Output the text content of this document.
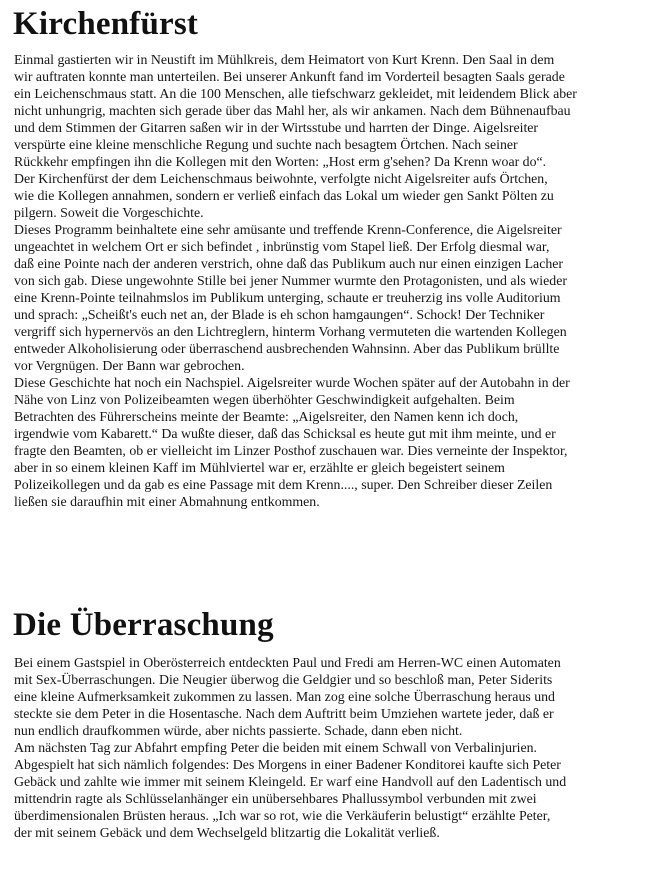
Kirchenfürst
Einmal gastierten wir in Neustift im Mühlkreis, dem Heimatort von Kurt Krenn. Den Saal in dem
wir auftraten konnte man unterteilen. Bei unserer Ankunft fand im Vorderteil besagten Saals gerade
ein Leichenschmaus statt. An die 100 Menschen, alle tiefschwarz gekleidet, mit leidendem Blick aber
nicht unhungrig, machten sich gerade über das Mahl her, als wir ankamen. Nach dem Bühnenaufbau
und dem Stimmen der Gitarren saßen wir in der Wirtsstube und harrten der Dinge. Aigelsreiter
verspürte eine kleine menschliche Regung und suchte nach besagtem Örtchen. Nach seiner
Rückkehr empfingen ihn die Kollegen mit den Worten: „Host erm g'sehen? Da Krenn woar do“.
Der Kirchenfürst der dem Leichenschmaus beiwohnte, verfolgte nicht Aigelsreiter aufs Örtchen,
wie die Kollegen annahmen, sondern er verließ einfach das Lokal um wieder gen Sankt Pölten zu
pilgern. Soweit die Vorgeschichte.
Dieses Programm beinhaltete eine sehr amüsante und treffende Krenn-Conference, die Aigelsreiter
ungeachtet in welchem Ort er sich befindet , inbrünstig vom Stapel ließ. Der Erfolg diesmal war,
daß eine Pointe nach der anderen verstrich, ohne daß das Publikum auch nur einen einzigen Lacher
von sich gab. Diese ungewohnte Stille bei jener Nummer wurmte den Protagonisten, und als wieder
eine Krenn-Pointe teilnahmslos im Publikum unterging, schaute er treuherzig ins volle Auditorium
und sprach: „Scheißt's euch net an, der Blade is eh schon hamgaungen“. Schock! Der Techniker
vergriff sich hypernervös an den Lichtreglern, hinterm Vorhang vermuteten die wartenden Kollegen
entweder Alkoholisierung oder überraschend ausbrechenden Wahnsinn. Aber das Publikum brüllte
vor Vergnügen. Der Bann war gebrochen.
Diese Geschichte hat noch ein Nachspiel. Aigelsreiter wurde Wochen später auf der Autobahn in der
Nähe von Linz von Polizeibeamten wegen überhöhter Geschwindigkeit aufgehalten. Beim
Betrachten des Führerscheins meinte der Beamte: „Aigelsreiter, den Namen kenn ich doch,
irgendwie vom Kabarett.“ Da wußte dieser, daß das Schicksal es heute gut mit ihm meinte, und er
fragte den Beamten, ob er vielleicht im Linzer Posthof zuschauen war. Dies verneinte der Inspektor,
aber in so einem kleinen Kaff im Mühlviertel war er, erzählte er gleich begeistert seinem
Polizeikollegen und da gab es eine Passage mit dem Krenn...., super. Den Schreiber dieser Zeilen
ließen sie daraufhin mit einer Abmahnung entkommen.
Die Überraschung
Bei einem Gastspiel in Oberösterreich entdeckten Paul und Fredi am Herren-WC einen Automaten
mit Sex-Überraschungen. Die Neugier überwog die Geldgier und so beschloß man, Peter Siderits
eine kleine Aufmerksamkeit zukommen zu lassen. Man zog eine solche Überraschung heraus und
steckte sie dem Peter in die Hosentasche. Nach dem Auftritt beim Umziehen wartete jeder, daß er
nun endlich draufkommen würde, aber nichts passierte. Schade, dann eben nicht.
Am nächsten Tag zur Abfahrt empfing Peter die beiden mit einem Schwall von Verbalinjurien.
Abgespielt hat sich nämlich folgendes: Des Morgens in einer Badener Konditorei kaufte sich Peter
Gebäck und zahlte wie immer mit seinem Kleingeld. Er warf eine Handvoll auf den Ladentisch und
mittendrin ragte als Schlüsselanhänger ein unübersehbares Phallussymbol verbunden mit zwei
überdimensionalen Brüsten heraus. „Ich war so rot, wie die Verkäuferin belustigt“ erzählte Peter,
der mit seinem Gebäck und dem Wechselgeld blitzartig die Lokalität verließ.
